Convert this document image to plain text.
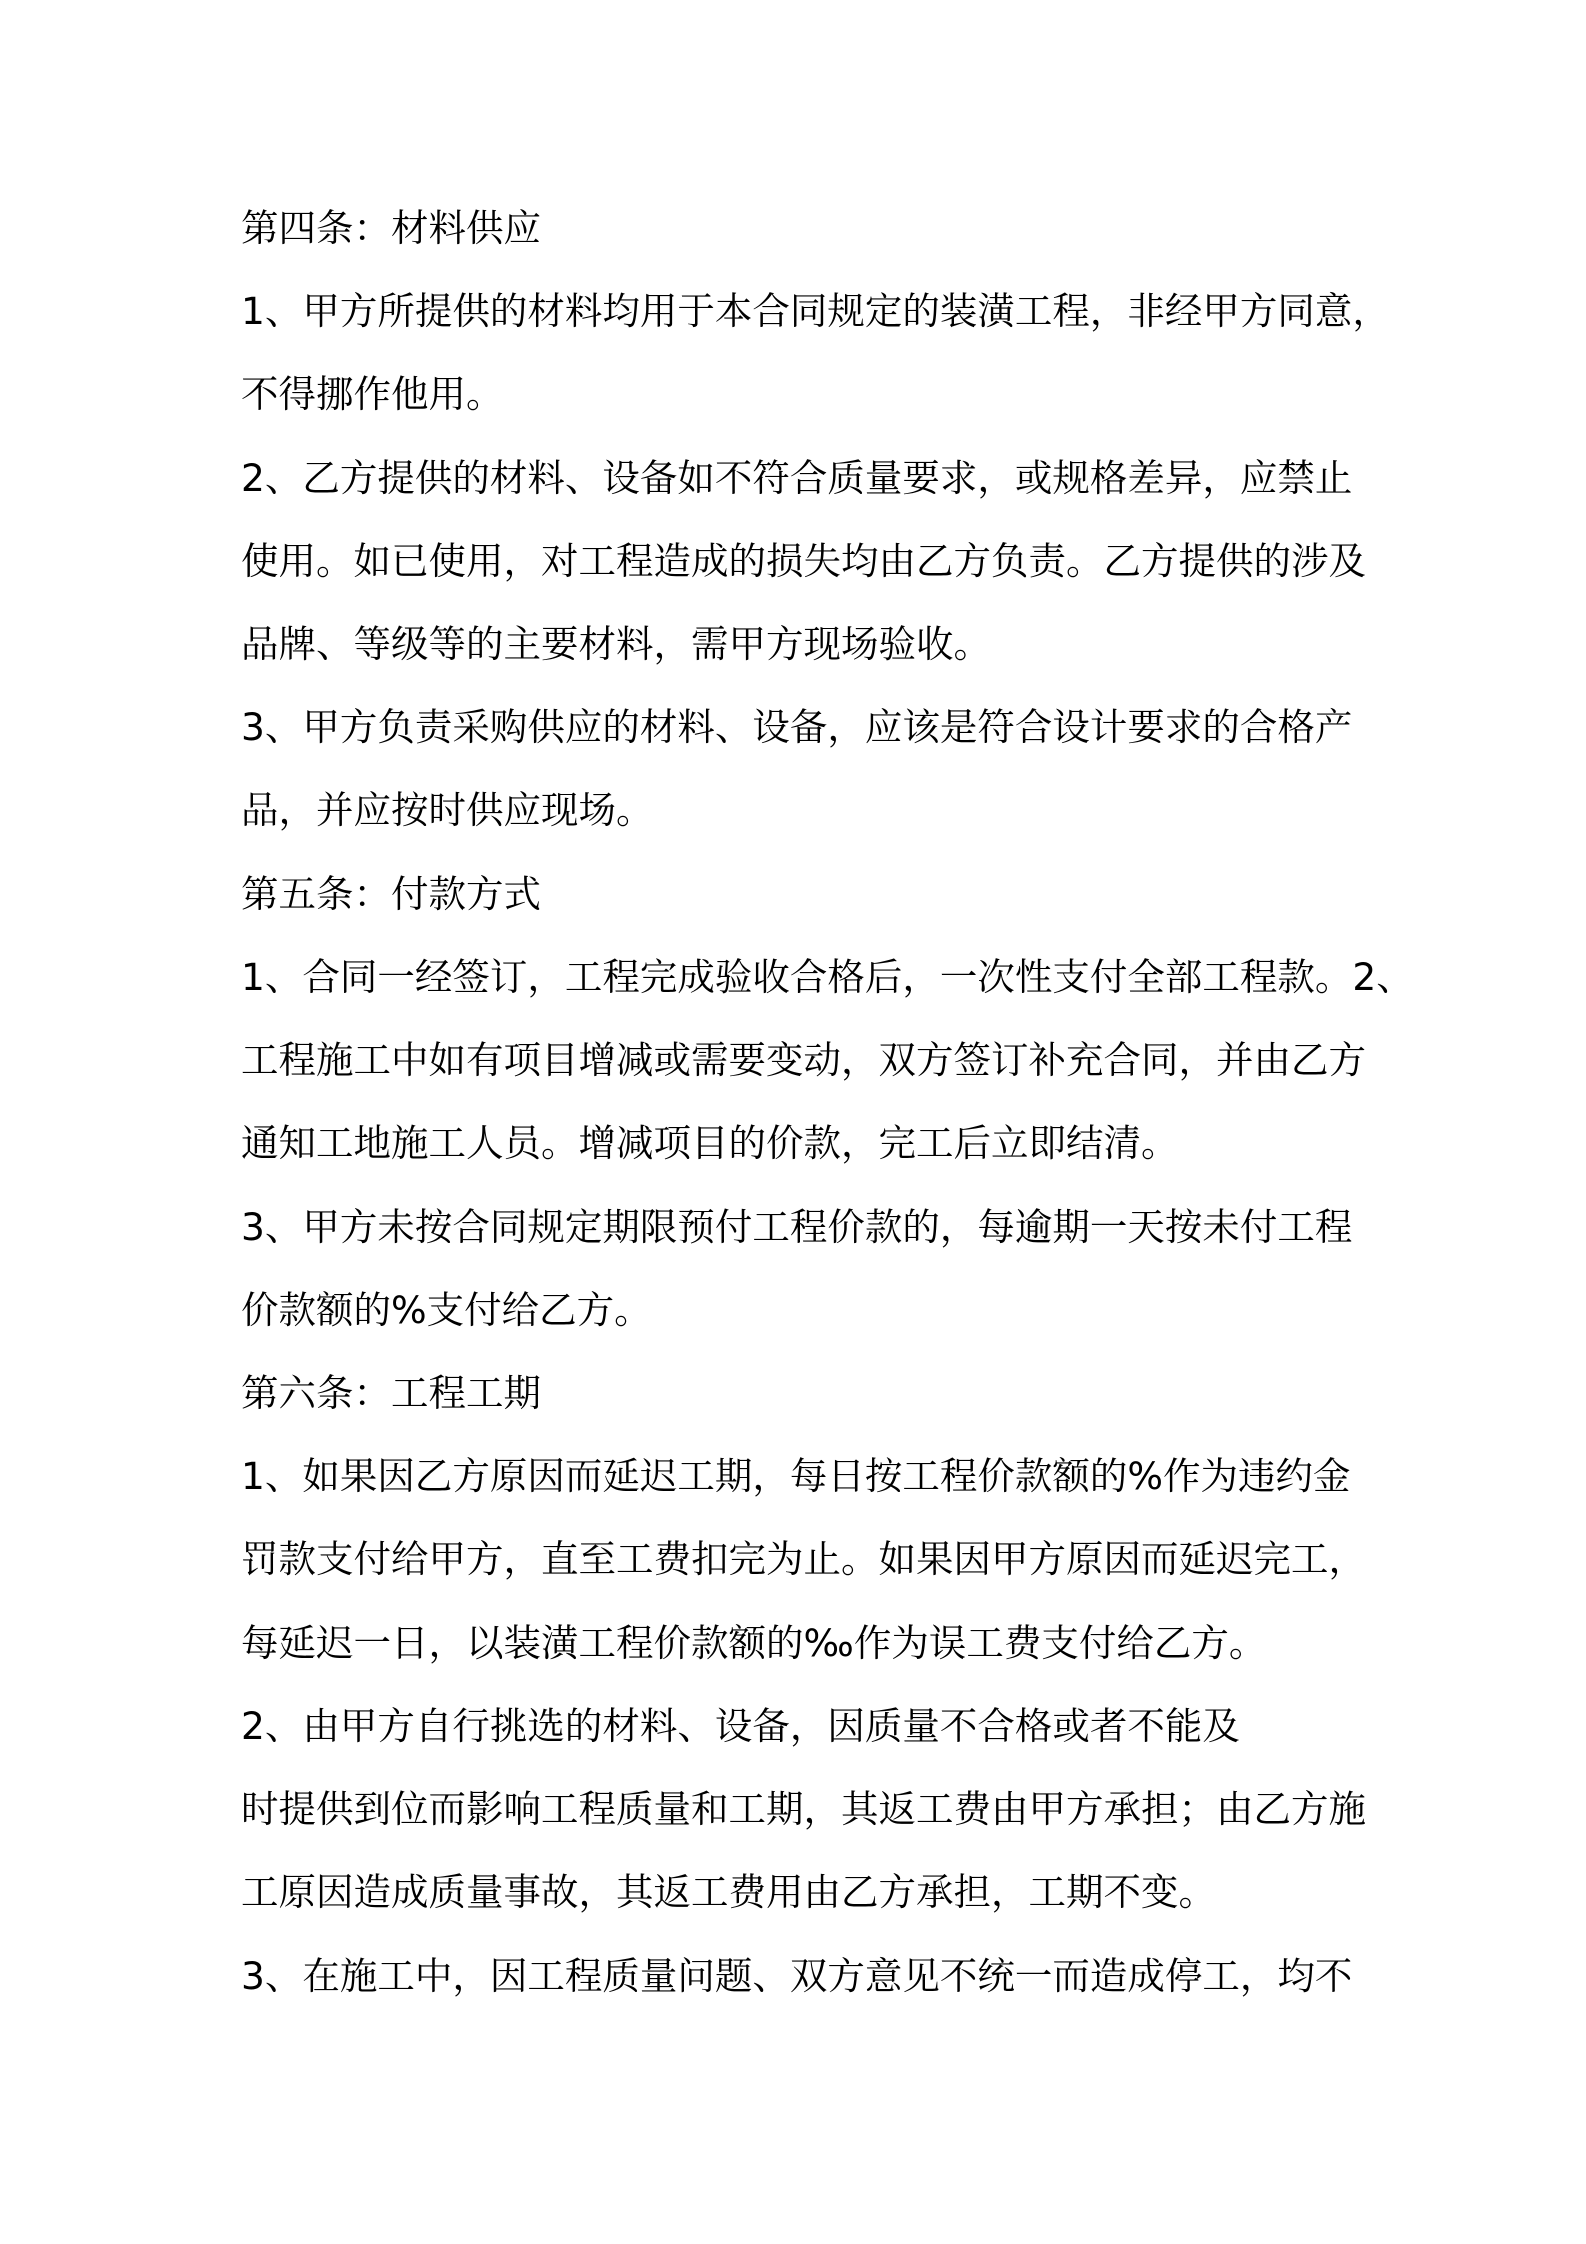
第四条：材料供应

1、甲方所提供的材料均用于本合同规定的装潢工程，非经甲方同意，

不得挪作他用。

2、乙方提供的材料、设备如不符合质量要求，或规格差异，应禁止

使用。如已使用，对工程造成的损失均由乙方负责。乙方提供的涉及

品牌、等级等的主要材料，需甲方现场验收。

3、甲方负责采购供应的材料、设备，应该是符合设计要求的合格产

品，并应按时供应现场。

第五条：付款方式

1、合同一经签订，工程完成验收合格后，一次性支付全部工程款。2、

工程施工中如有项目增减或需要变动，双方签订补充合同，并由乙方

通知工地施工人员。增减项目的价款，完工后立即结清。

3、甲方未按合同规定期限预付工程价款的，每逾期一天按未付工程

价款额的%支付给乙方。

第六条：工程工期

1、如果因乙方原因而延迟工期，每日按工程价款额的%作为违约金

罚款支付给甲方，直至工费扣完为止。如果因甲方原因而延迟完工，

每延迟一日，以装潢工程价款额的‰作为误工费支付给乙方。

2、由甲方自行挑选的材料、设备，因质量不合格或者不能及

时提供到位而影响工程质量和工期，其返工费由甲方承担；由乙方施

工原因造成质量事故，其返工费用由乙方承担，工期不变。

3、在施工中，因工程质量问题、双方意见不统一而造成停工，均不
